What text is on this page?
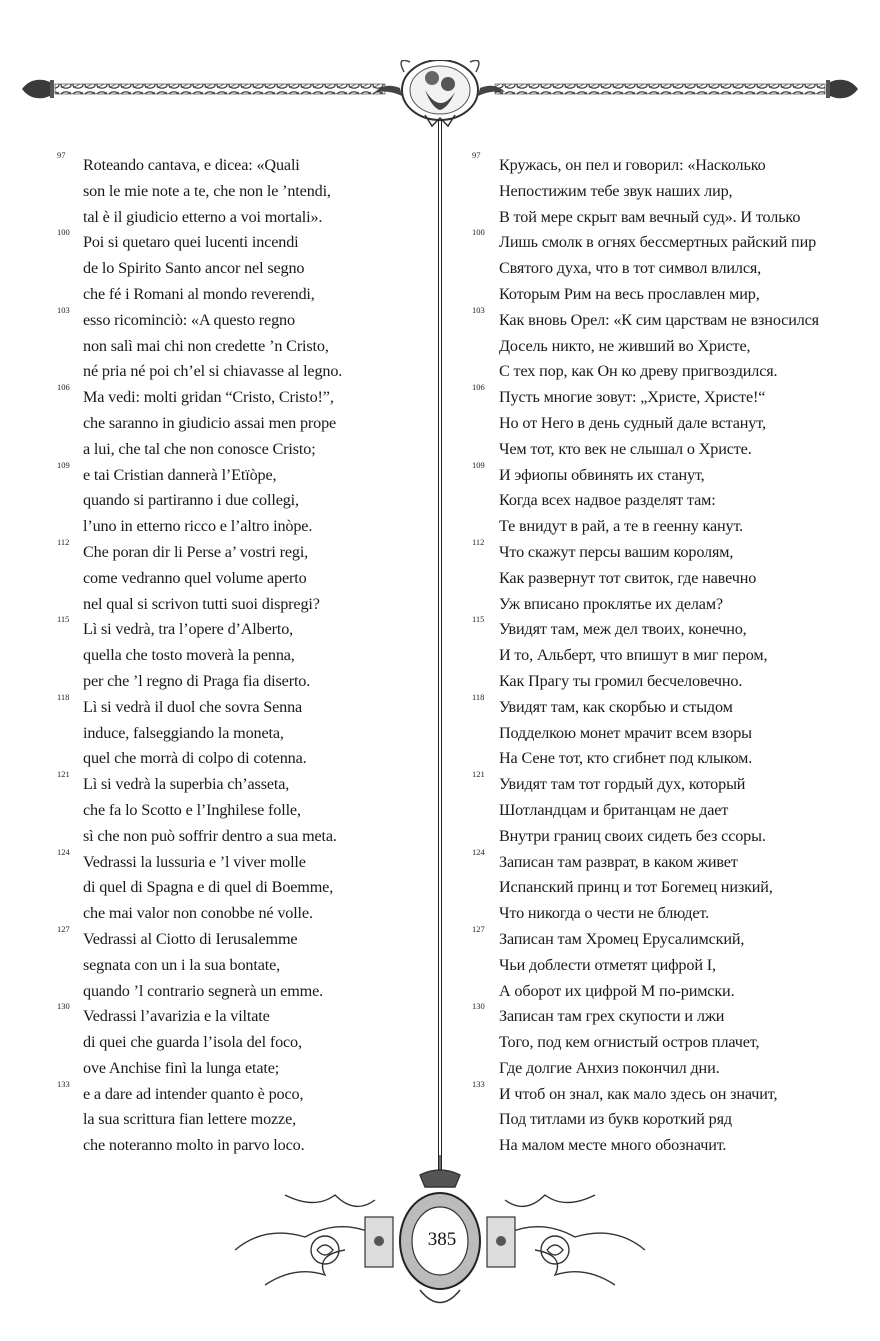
97
Roteando cantava, e dicea: «Quali
son le mie note a te, che non le ’ntendi,
tal è il giudicio etterno a voi mortali».
100
Poi si quetaro quei lucenti incendi
de lo Spirito Santo ancor nel segno
che fé i Romani al mondo reverendi,
103
esso ricominciò: «A questo regno
non salì mai chi non credette ’n Cristo,
né pria né poi ch’el si chiavasse al legno.
106
Ma vedi: molti gridan “Cristo, Cristo!”,
che saranno in giudicio assai men prope
a lui, che tal che non conosce Cristo;
109
e tai Cristian dannerà l’Etïòpe,
quando si partiranno i due collegi,
l’uno in etterno ricco e l’altro inòpe.
112
Che poran dir li Perse a’ vostri regi,
come vedranno quel volume aperto
nel qual si scrivon tutti suoi dispregi?
115
Lì si vedrà, tra l’opere d’Alberto,
quella che tosto moverà la penna,
per che ’l regno di Praga fia diserto.
118
Lì si vedrà il duol che sovra Senna
induce, falseggiando la moneta,
quel che morrà di colpo di cotenna.
121
Lì si vedrà la superbia ch’asseta,
che fa lo Scotto e l’Inghilese folle,
sì che non può soffrir dentro a sua meta.
124
Vedrassi la lussuria e ’l viver molle
di quel di Spagna e di quel di Boemme,
che mai valor non conobbe né volle.
127
Vedrassi al Ciotto di Ierusalemme
segnata con un i la sua bontate,
quando ’l contrario segnerà un emme.
130
Vedrassi l’avarizia e la viltate
di quei che guarda l’isola del foco,
ove Anchise finì la lunga etate;
133
e a dare ad intender quanto è poco,
la sua scrittura fian lettere mozze,
che noteranno molto in parvo loco.
97
Кружась, он пел и говорил: «Насколько
Непостижим тебе звук наших лир,
В той мере скрыт вам вечный суд». И только
100
Лишь смолк в огнях бессмертных райский пир
Святого духа, что в тот символ влился,
Которым Рим на весь прославлен мир,
103
Как вновь Орел: «К сим царствам не взносился
Досель никто, не живший во Христе,
С тех пор, как Он ко древу пригвоздился.
106
Пусть многие зовут: „Христе, Христе!“
Но от Него в день судный дале встанут,
Чем тот, кто век не слышал о Христе.
109
И эфиопы обвинять их станут,
Когда всех надвое разделят там:
Те внидут в рай, а те в геенну канут.
112
Что скажут персы вашим королям,
Как развернут тот свиток, где навечно
Уж вписано проклятье их делам?
115
Увидят там, меж дел твоих, конечно,
И то, Альберт, что впишут в миг пером,
Как Прагу ты громил бесчеловечно.
118
Увидят там, как скорбью и стыдом
Подделкою монет мрачит всем взоры
На Сене тот, кто сгибнет под клыком.
121
Увидят там тот гордый дух, который
Шотландцам и британцам не дает
Внутри границ своих сидеть без ссоры.
124
Записан там разврат, в каком живет
Испанский принц и тот Богемец низкий,
Что никогда о чести не блюдет.
127
Записан там Хромец Ерусалимский,
Чьи доблести отметят цифрой I,
А оборот их цифрой M по-римски.
130
Записан там грех скупости и лжи
Того, под кем огнистый остров плачет,
Где долгие Анхиз покончил дни.
133
И чтоб он знал, как мало здесь он значит,
Под титлами из букв короткий ряд
На малом месте много обозначит.
385
